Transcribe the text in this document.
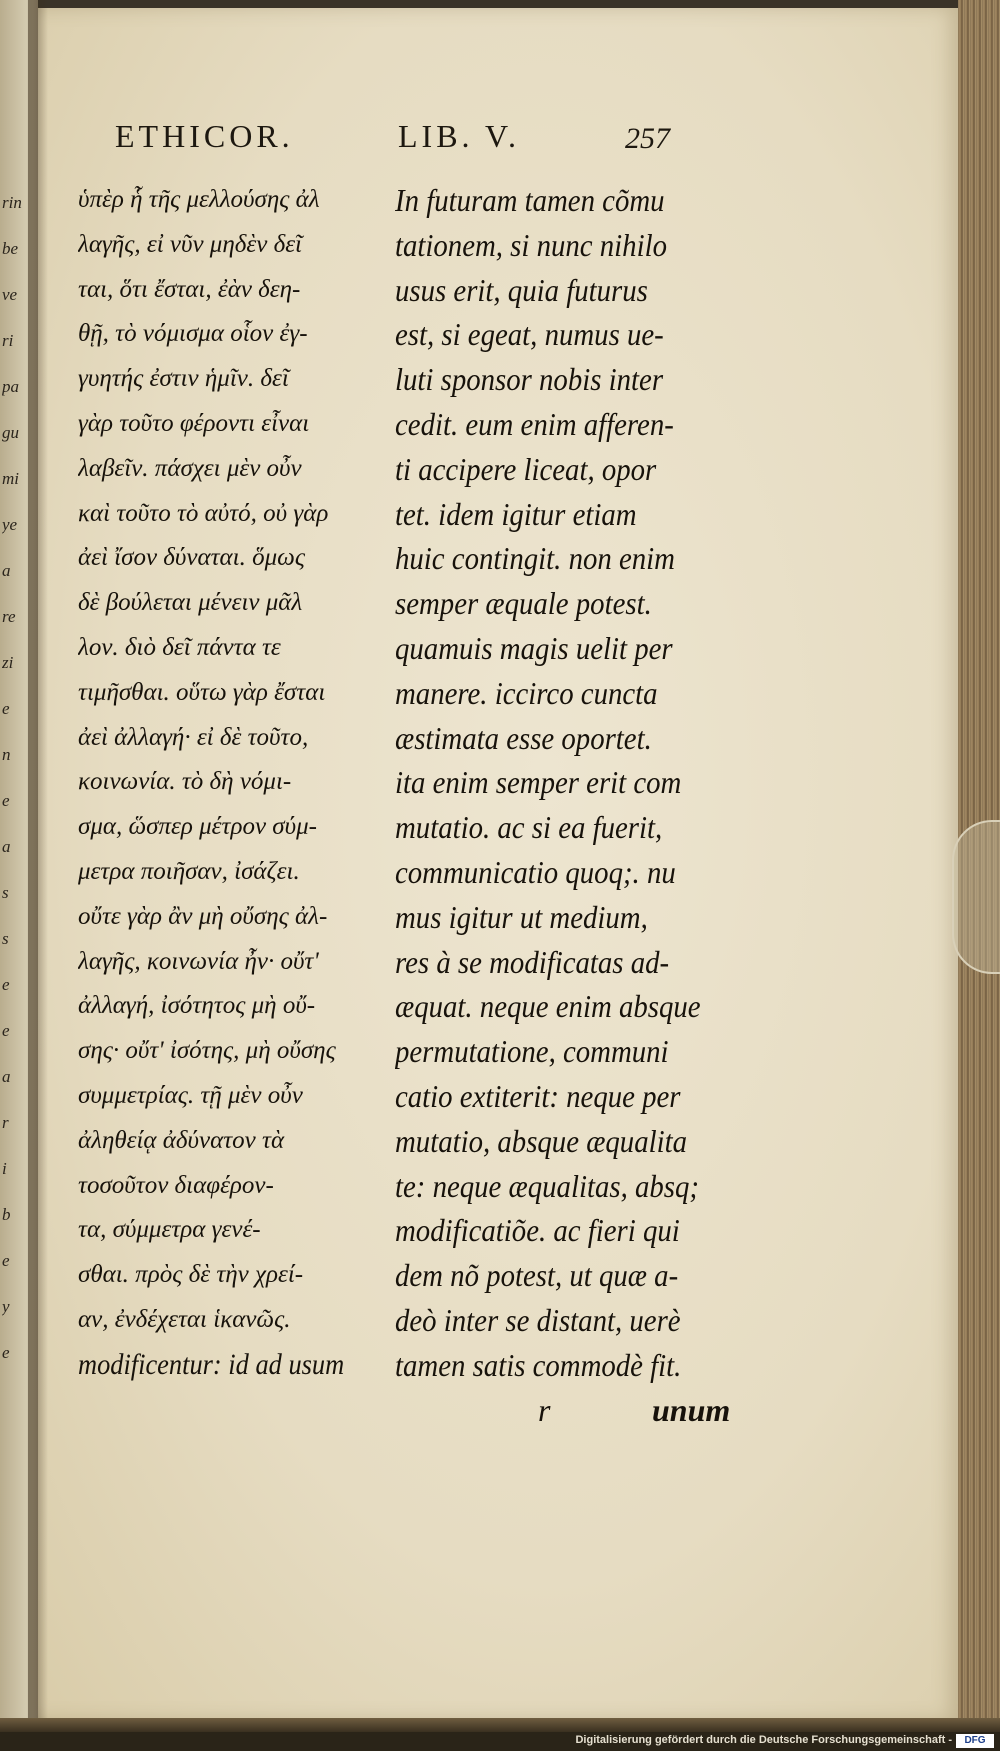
rin
be
ve
ri
pa
gu
mi
ye
a
re
zi
e
n
e
a
s
s
e
e
a
r
i
b
e
y
e
ETHICOR.	LIB. V.	257
ὑπὲρ ἧ τῆς μελλούσης ἀλ
λαγῆς, εἰ νῦν μηδὲν δεῖ
ται, ὅτι ἔσται, ἐὰν δεη-
θῇ, τὸ νόμισμα οἷον ἐγ-
γυητής ἐστιν ἡμῖν. δεῖ
γὰρ τοῦτο φέροντι εἶναι
λαβεῖν. πάσχει μὲν οὖν
καὶ τοῦτο τὸ αὐτό, οὐ γὰρ
ἀεὶ ἴσον δύναται. ὅμως
δὲ βούλεται μένειν μᾶλ
λον. διὸ δεῖ πάντα τε
τιμῆσθαι. οὕτω γὰρ ἔσται
ἀεὶ ἀλλαγή· εἰ δὲ τοῦτο,
κοινωνία. τὸ δὴ νόμι-
σμα, ὥσπερ μέτρον σύμ-
μετρα ποιῆσαν, ἰσάζει.
οὔτε γὰρ ἂν μὴ οὔσης ἀλ-
λαγῆς, κοινωνία ἦν· οὔτ'
ἀλλαγή, ἰσότητος μὴ οὔ-
σης· οὔτ' ἰσότης, μὴ οὔσης
συμμετρίας. τῇ μὲν οὖν
ἀληθείᾳ ἀδύνατον τὰ
τοσοῦτον διαφέρον-
τα, σύμμετρα γενέ-
σθαι. πρὸς δὲ τὴν χρεί-
αν, ἐνδέχεται ἱκανῶς.
modificentur: id ad usum
In futuram tamen cõmu
tationem, si nunc nihilo
usus erit, quia futurus
est, si egeat, numus ue-
luti sponsor nobis inter
cedit. eum enim afferen-
ti accipere liceat, opor
tet. idem igitur etiam
huic contingit. non enim
semper æquale potest.
quamuis magis uelit per
manere. iccirco cuncta
æstimata esse oportet.
ita enim semper erit com
mutatio. ac si ea fuerit,
communicatio quoq;. nu
mus igitur ut medium,
res à se modificatas ad-
æquat. neque enim absque
permutatione, communi
catio extiterit: neque per
mutatio, absque æqualita
te: neque æqualitas, absq;
modificatiõe. ac fieri qui
dem nõ potest, ut quæ a-
deò inter se distant, uerè
tamen satis commodè fit.
r	unum
Digitalisierung gefördert durch die Deutsche Forschungsgemeinschaft -	DFG
